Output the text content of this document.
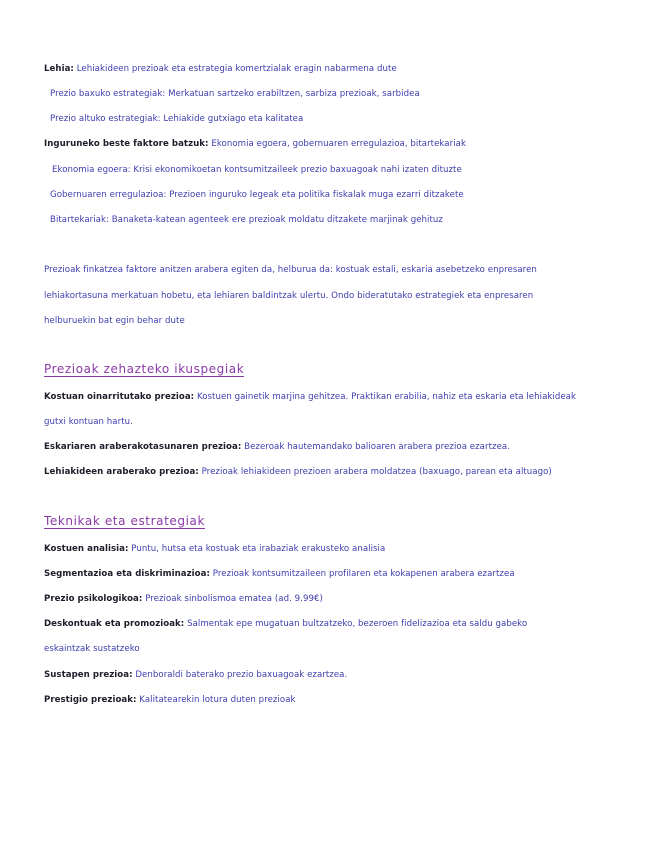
Lehia: Lehiakideen prezioak eta estrategia komertzialak eragin nabarmena dute
Prezio baxuko estrategiak: Merkatuan sartzeko erabiltzen, sarbiza prezioak, sarbidea
Prezio altuko estrategiak: Lehiakide gutxiago eta kalitatea
Inguruneko beste faktore batzuk: Ekonomia egoera, gobernuaren erregulazioa, bitartekariak
Ekonomia egoera: Krisi ekonomikoetan kontsumitzaileek prezio baxuagoak nahi izaten dituzte
Gobernuaren erregulazioa: Prezioen inguruko legeak eta politika fiskalak muga ezarri ditzakete
Bitartekariak: Banaketa-katean agenteek ere prezioak moldatu ditzakete marjinak gehituz
Prezioak finkatzea faktore anitzen arabera egiten da, helburua da: kostuak estali, eskaria asebetzeko enpresaren
lehiakortasuna merkatuan hobetu, eta lehiaren baldintzak ulertu. Ondo bideratutako estrategiek eta enpresaren
helburuekin bat egin behar dute
Prezioak zehazteko ikuspegiak
Kostuan oinarritutako prezioa: Kostuen gainetik marjina gehitzea. Praktikan erabilia, nahiz eta eskaria eta lehiakideak
gutxi kontuan hartu.
Eskariaren araberakotasunaren prezioa: Bezeroak hautemandako balioaren arabera prezioa ezartzea.
Lehiakideen araberako prezioa: Prezioak lehiakideen prezioen arabera moldatzea (baxuago, parean eta altuago)
Teknikak eta estrategiak
Kostuen analisia: Puntu, hutsa eta kostuak eta irabaziak erakusteko analisia
Segmentazioa eta diskriminazioa: Prezioak kontsumitzaileen profilaren eta kokapenen arabera ezartzea
Prezio psikologikoa: Prezioak sinbolismoa ematea (ad. 9.99€)
Deskontuak eta promozioak: Salmentak epe mugatuan bultzatzeko, bezeroen fidelizazioa eta saldu gabeko
eskaintzak sustatzeko
Sustapen prezioa: Denboraldi baterako prezio baxuagoak ezartzea.
Prestigio prezioak: Kalitatearekin lotura duten prezioak
